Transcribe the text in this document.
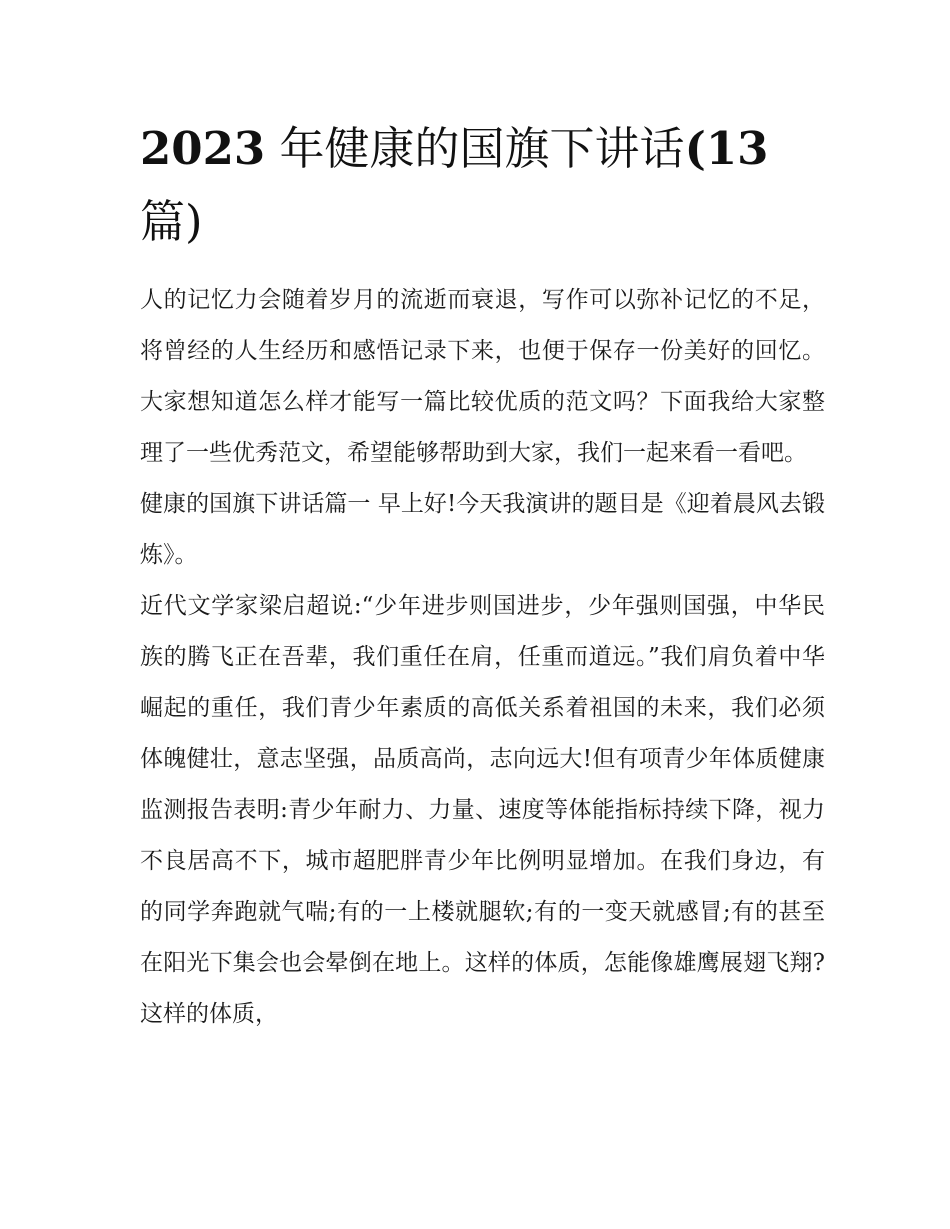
2023 年健康的国旗下讲话(13 篇)

人的记忆力会随着岁月的流逝而衰退，写作可以弥补记忆的不足，将曾经的人生经历和感悟记录下来，也便于保存一份美好的回忆。大家想知道怎么样才能写一篇比较优质的范文吗？下面我给大家整理了一些优秀范文，希望能够帮助到大家，我们一起来看一看吧。

健康的国旗下讲话篇一 早上好!今天我演讲的题目是《迎着晨风去锻炼》。

近代文学家梁启超说:“少年进步则国进步，少年强则国强，中华民族的腾飞正在吾辈，我们重任在肩，任重而道远。”我们肩负着中华崛起的重任，我们青少年素质的高低关系着祖国的未来，我们必须体魄健壮，意志坚强，品质高尚，志向远大!但有项青少年体质健康监测报告表明:青少年耐力、力量、速度等体能指标持续下降，视力不良居高不下，城市超肥胖青少年比例明显增加。在我们身边，有的同学奔跑就气喘;有的一上楼就腿软;有的一变天就感冒;有的甚至在阳光下集会也会晕倒在地上。这样的体质，怎能像雄鹰展翅飞翔?这样的体质，
